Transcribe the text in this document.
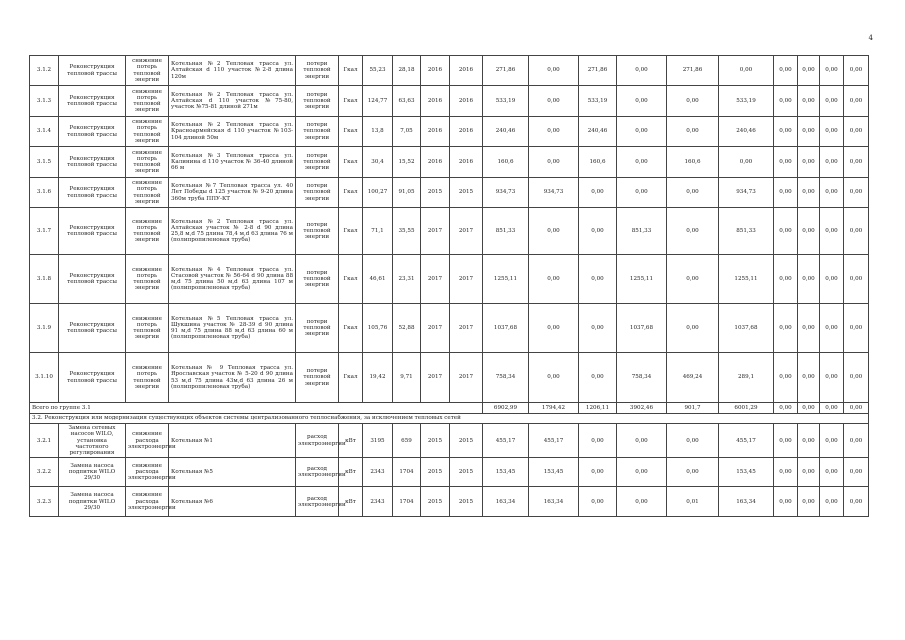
4
3.1.2	Реконструкция тепловой трассы	снижение потерь тепловой энергии	Котельная №2 Тепловая трасса ул. Алтайская d 110 участок №2-8 длина 120м	потери тепловой энергии	Гкал	55,23	28,18	2016	2016	271,86	0,00	271,86	0,00	271,86	0,00	0,00	0,00	0,00	0,00
3.1.3	Реконструкция тепловой трассы	снижение потерь тепловой энергии	Котельная №2 Тепловая трасса ул. Алтайская d 110 участок №75-80, участок №75-81 длиной 271м	потери тепловой энергии	Гкал	124,77	63,63	2016	2016	533,19	0,00	533,19	0,00	0,00	533,19	0,00	0,00	0,00	0,00
3.1.4	Реконструкция тепловой трассы	снижение потерь тепловой энергии	Котельная №2 Тепловая трасса ул. Красноармейская d 110 участок №103-104 длиной 50м	потери тепловой энергии	Гкал	13,8	7,05	2016	2016	240,46	0,00	240,46	0,00	0,00	240,46	0,00	0,00	0,00	0,00
3.1.5	Реконструкция тепловой трассы	снижение потерь тепловой энергии	Котельная №3 Тепловая трасса ул. Калинина d 110 участок № 36-40 длиной 66 м	потери тепловой энергии	Гкал	30,4	15,52	2016	2016	160,6	0,00	160,6	0,00	160,6	0,00	0,00	0,00	0,00	0,00
3.1.6	Реконструкция тепловой трассы	снижение потерь тепловой энергии	Котельная №7 Тепловая трасса ул. 40 Лет Победы d 125 участок № 9-20 длина 360м труба ППУ-КТ	потери тепловой энергии	Гкал	100,27	91,05	2015	2015	934,73	934,73	0,00	0,00	0,00	934,73	0,00	0,00	0,00	0,00
3.1.7	Реконструкция тепловой трассы	снижение потерь тепловой энергии	Котельная №2 Тепловая трасса ул. Алтайская участок № 2-8 d 90 длина 25,8 м,d 75 длина 78,4 м,d 63 длина 76 м (полипропиленовая труба)	потери тепловой энергии	Гкал	71,1	35,55	2017	2017	851,33	0,00	0,00	851,33	0,00	851,33	0,00	0,00	0,00	0,00
3.1.8	Реконструкция тепловой трассы	снижение потерь тепловой энергии	Котельная №4 Тепловая трасса ул. Стасовой участок № 56-64 d 90 длина 88 м,d 75 длина 50 м,d 63 длина 107 м (полипропиленовая труба)	потери тепловой энергии	Гкал	46,61	23,31	2017	2017	1255,11	0,00	0,00	1255,11	0,00	1255,11	0,00	0,00	0,00	0,00
3.1.9	Реконструкция тепловой трассы	снижение потерь тепловой энергии	Котельная №5 Тепловая трасса ул. Шукшина участок № 28-39 d 90 длина 91 м,d 75 длина 88 м,d 63 длина 60 м (полипропиленовая труба)	потери тепловой энергии	Гкал	105,76	52,88	2017	2017	1037,68	0,00	0,00	1037,68	0,00	1037,68	0,00	0,00	0,00	0,00
3.1.10	Реконструкция тепловой трассы	снижение потерь тепловой энергии	Котельная № 9 Тепловая трасса ул. Ярославская участок № 5-20 d 90 длина 53 м,d 75 длина 43м,d 63 длина 26 м (полипропиленовая труба)	потери тепловой энергии	Гкал	19,42	9,71	2017	2017	758,34	0,00	0,00	758,34	469,24	289,1	0,00	0,00	0,00	0,00
Всего по группе 3.1										6902,99	1794,42	1206,11	3902,46	901,7	6001,29	0,00	0,00	0,00	0,00
3.2. Реконструкция или модернизация существующих объектов системы централизованного теплоснабжения, за исключением тепловых сетей																			
3.2.1	Замена сетевых насосов WILO, установка частотного регулирования	снижение расхода электроэнергии	Котельная №1	расход электроэнергии	кВт	3195	659	2015	2015	455,17	455,17	0,00	0,00	0,00	455,17	0,00	0,00	0,00	0,00
3.2.2	Замена насоса подпитки WILO 29/30	снижение расхода электроэнергии	Котельная №5	расход электроэнергии	кВт	2343	1704	2015	2015	153,45	153,45	0,00	0,00	0,00	153,45	0,00	0,00	0,00	0,00
3.2.3	Замена насоса подпитки WILO 29/30	снижение расхода электроэнергии	Котельная №6	расход электроэнергии	кВт	2343	1704	2015	2015	163,34	163,34	0,00	0,00	0,01	163,34	0,00	0,00	0,00	0,00
